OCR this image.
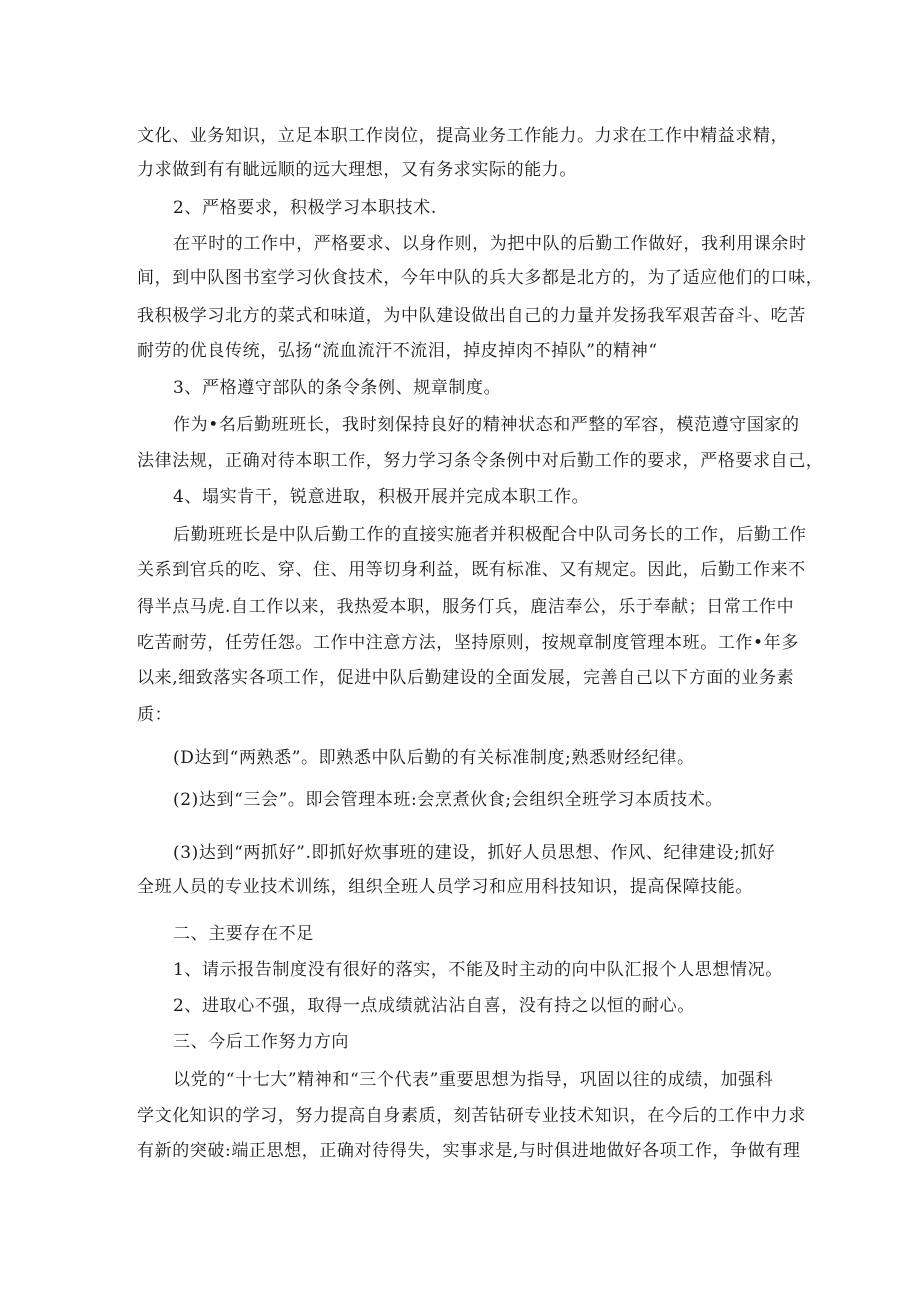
文化、业务知识，立足本职工作岗位，提高业务工作能力。力求在工作中精益求精，
力求做到有有眦远顺的远大理想，又有务求实际的能力。
2、严格要求，积极学习本职技术.
在平时的工作中，严格要求、以身作则，为把中队的后勤工作做好，我利用课余时
间，到中队图书室学习伙食技术，今年中队的兵大多都是北方的，为了适应他们的口味，
我积极学习北方的菜式和味道，为中队建设做出自己的力量并发扬我军艰苦奋斗、吃苦
耐劳的优良传统，弘扬“流血流汗不流泪，掉皮掉肉不掉队”的精神“
3、严格遵守部队的条令条例、规章制度。
作为•名后勤班班长，我时刻保持良好的精神状态和严整的军容，模范遵守国家的
法律法规，正确对待本职工作，努力学习条令条例中对后勤工作的要求，严格要求自己，
4、塌实肯干，锐意进取，积极开展并完成本职工作。
后勤班班长是中队后勤工作的直接实施者并积极配合中队司务长的工作，后勤工作
关系到官兵的吃、穿、住、用等切身利益，既有标准、又有规定。因此，后勤工作来不
得半点马虎.自工作以来，我热爱本职，服务仃兵，鹿洁奉公，乐于奉献；日常工作中
吃苦耐劳，任劳任怨。工作中注意方法，坚持原则，按规章制度管理本班。工作•年多
以来,细致落实各项工作，促进中队后勤建设的全面发展，完善自己以下方面的业务素
质：
(D达到“两熟悉”。即熟悉中队后勤的有关标准制度;熟悉财经纪律。
(2)达到“三会”。即会管理本班:会烹煮伙食;会组织全班学习本质技术。
(3)达到“两抓好”.即抓好炊事班的建设，抓好人员思想、作风、纪律建设;抓好
全班人员的专业技术训练，组织全班人员学习和应用科技知识，提高保障技能。
二、主要存在不足
1、请示报告制度没有很好的落实，不能及时主动的向中队汇报个人思想情况。
2、进取心不强，取得一点成绩就沾沾自喜，没有持之以恒的耐心。
三、今后工作努力方向
以党的“十七大”精神和“三个代表”重要思想为指导，巩固以往的成绩，加强科
学文化知识的学习，努力提高自身素质，刻苦钻研专业技术知识，在今后的工作中力求
有新的突破:端正思想，正确对待得失，实事求是,与时俱进地做好各项工作，争做有理
